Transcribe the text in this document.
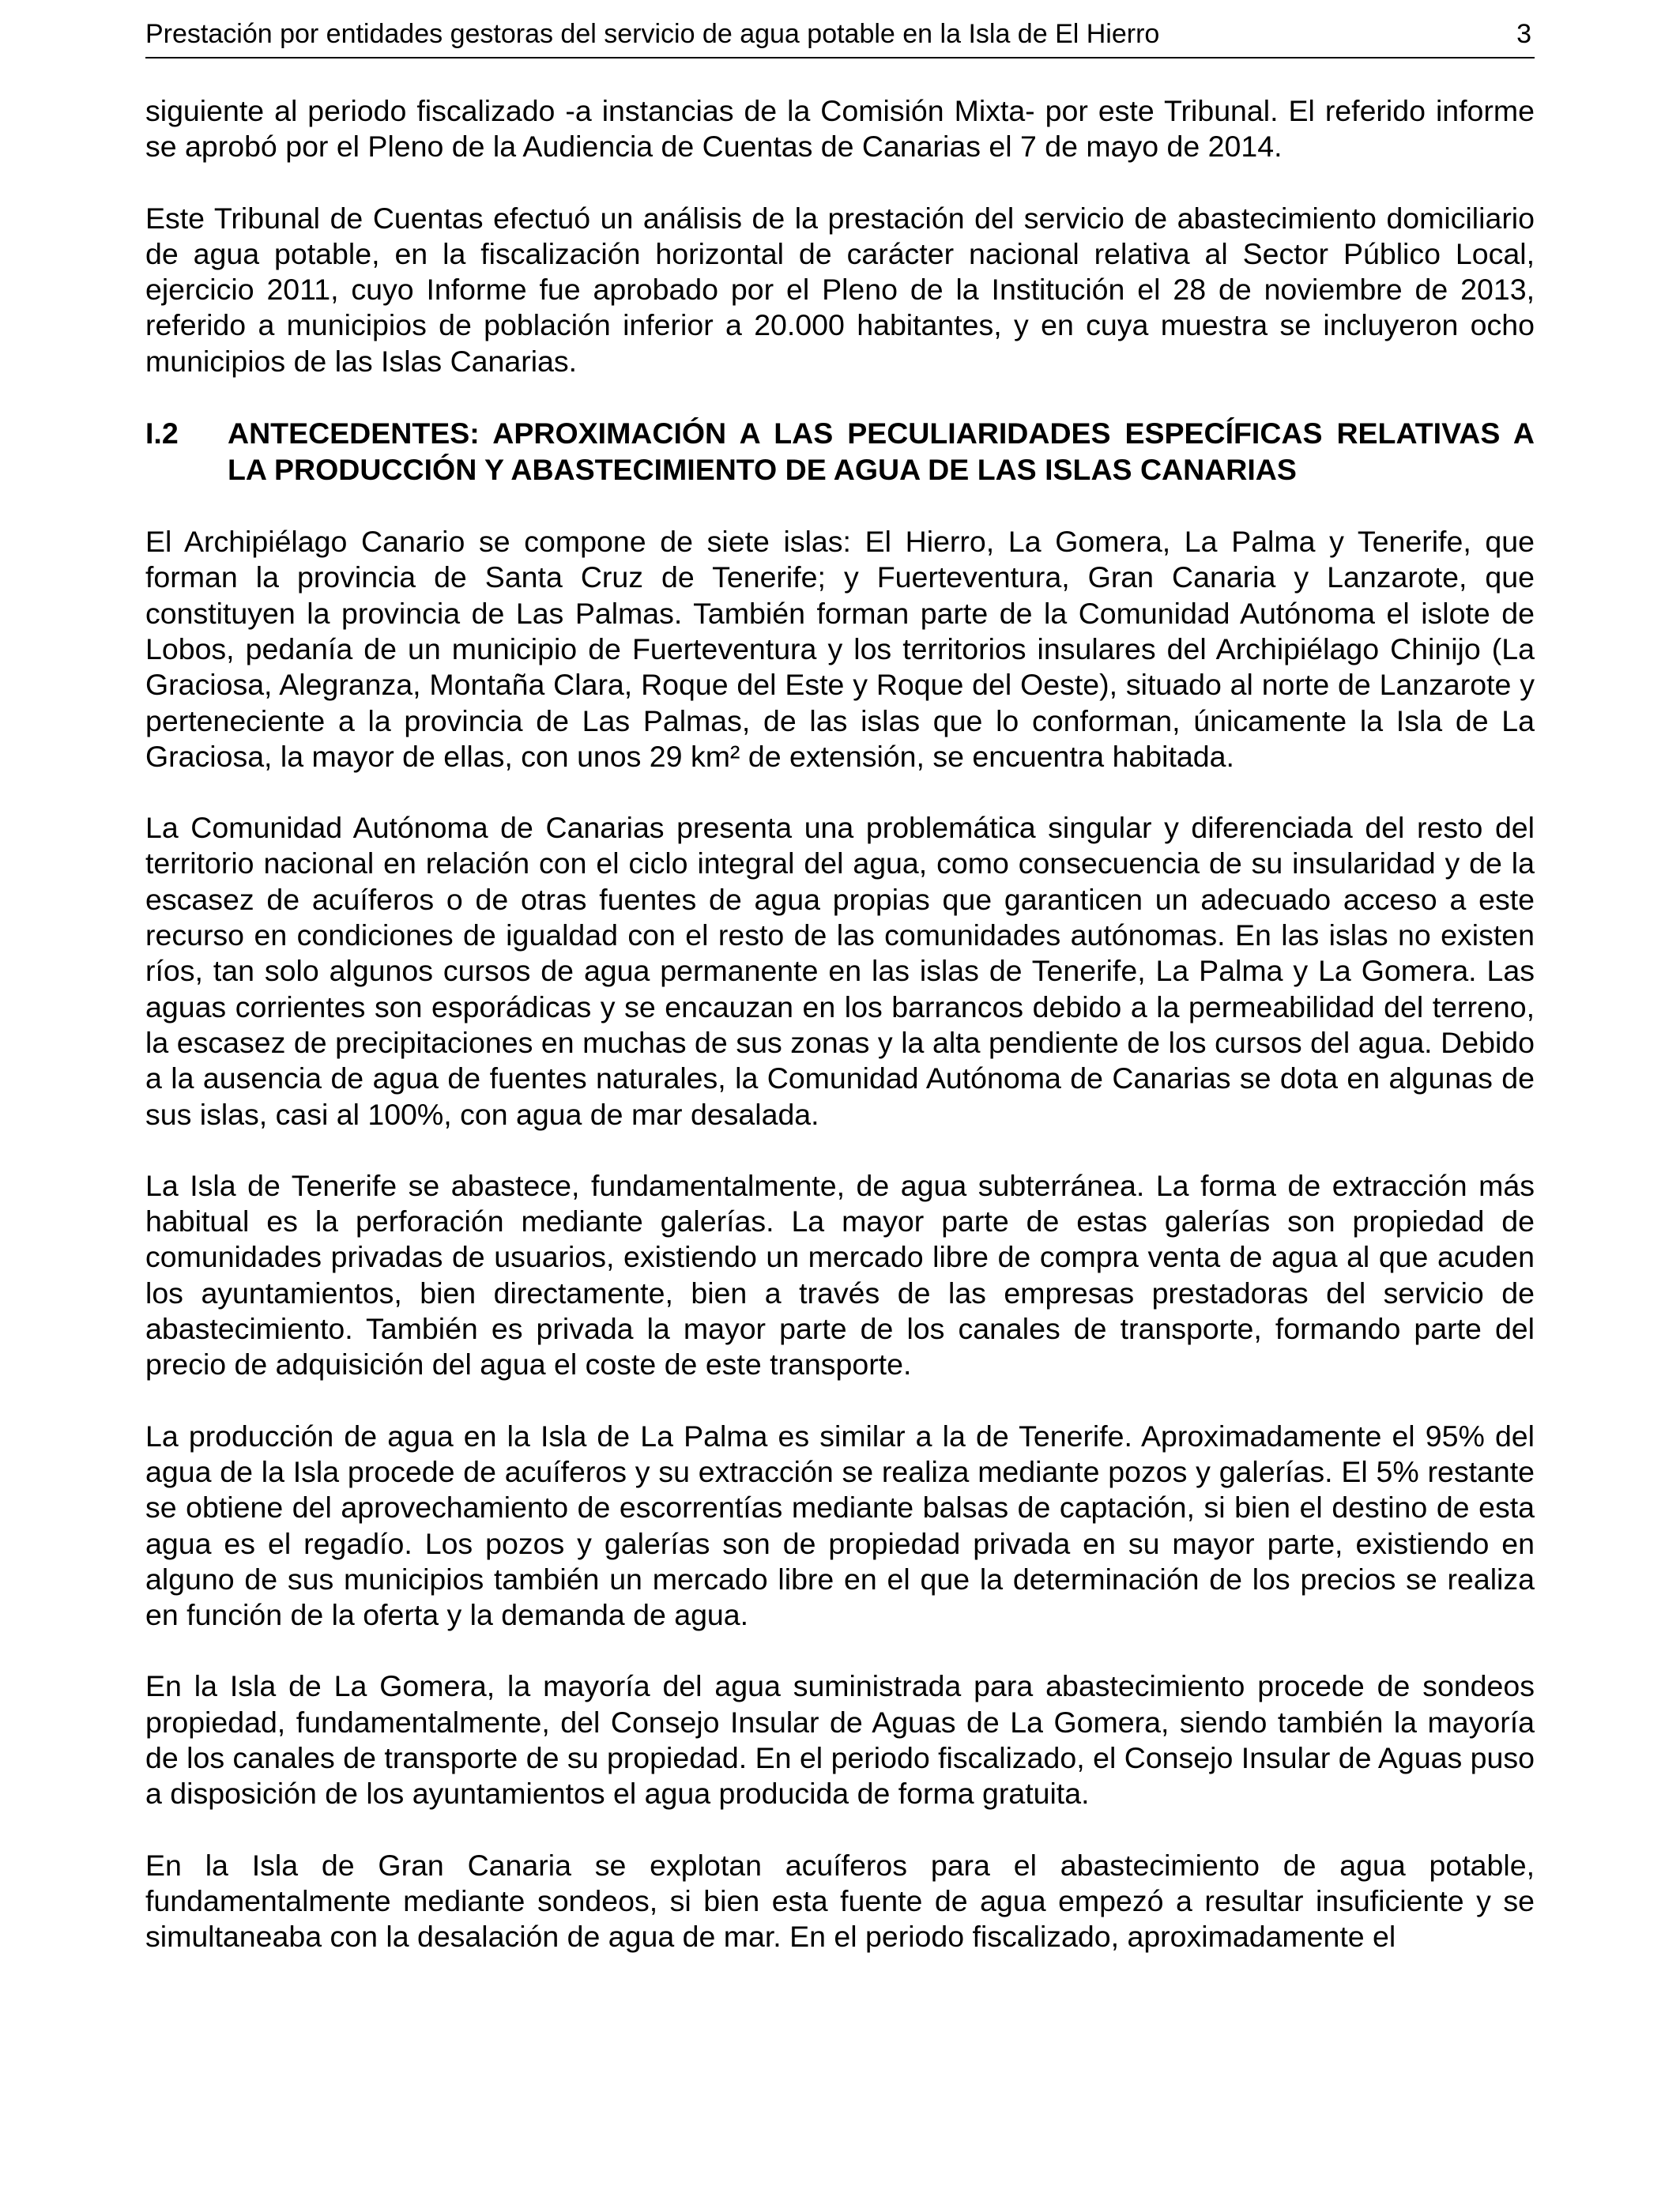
Prestación por entidades gestoras del servicio de agua potable en la Isla de El Hierro	3

siguiente al periodo fiscalizado -a instancias de la Comisión Mixta- por este Tribunal. El referido informe se aprobó por el Pleno de la Audiencia de Cuentas de Canarias el 7 de mayo de 2014.

Este Tribunal de Cuentas efectuó un análisis de la prestación del servicio de abastecimiento domiciliario de agua potable, en la fiscalización horizontal de carácter nacional relativa al Sector Público Local, ejercicio 2011, cuyo Informe fue aprobado por el Pleno de la Institución el 28 de noviembre de 2013, referido a municipios de población inferior a 20.000 habitantes, y en cuya muestra se incluyeron ocho municipios de las Islas Canarias.

I.2	ANTECEDENTES: APROXIMACIÓN A LAS PECULIARIDADES ESPECÍFICAS RELATIVAS A LA PRODUCCIÓN Y ABASTECIMIENTO DE AGUA DE LAS ISLAS CANARIAS

El Archipiélago Canario se compone de siete islas: El Hierro, La Gomera, La Palma y Tenerife, que forman la provincia de Santa Cruz de Tenerife; y Fuerteventura, Gran Canaria y Lanzarote, que constituyen la provincia de Las Palmas. También forman parte de la Comunidad Autónoma el islote de Lobos, pedanía de un municipio de Fuerteventura y los territorios insulares del Archipiélago Chinijo (La Graciosa, Alegranza, Montaña Clara, Roque del Este y Roque del Oeste), situado al norte de Lanzarote y perteneciente a la provincia de Las Palmas, de las islas que lo conforman, únicamente la Isla de La Graciosa, la mayor de ellas, con unos 29 km² de extensión, se encuentra habitada.

La Comunidad Autónoma de Canarias presenta una problemática singular y diferenciada del resto del territorio nacional en relación con el ciclo integral del agua, como consecuencia de su insularidad y de la escasez de acuíferos o de otras fuentes de agua propias que garanticen un adecuado acceso a este recurso en condiciones de igualdad con el resto de las comunidades autónomas. En las islas no existen ríos, tan solo algunos cursos de agua permanente en las islas de Tenerife, La Palma y La Gomera. Las aguas corrientes son esporádicas y se encauzan en los barrancos debido a la permeabilidad del terreno, la escasez de precipitaciones en muchas de sus zonas y la alta pendiente de los cursos del agua. Debido a la ausencia de agua de fuentes naturales, la Comunidad Autónoma de Canarias se dota en algunas de sus islas, casi al 100%, con agua de mar desalada.

La Isla de Tenerife se abastece, fundamentalmente, de agua subterránea. La forma de extracción más habitual es la perforación mediante galerías. La mayor parte de estas galerías son propiedad de comunidades privadas de usuarios, existiendo un mercado libre de compra venta de agua al que acuden los ayuntamientos, bien directamente, bien a través de las empresas prestadoras del servicio de abastecimiento. También es privada la mayor parte de los canales de transporte, formando parte del precio de adquisición del agua el coste de este transporte.

La producción de agua en la Isla de La Palma es similar a la de Tenerife. Aproximadamente el 95% del agua de la Isla procede de acuíferos y su extracción se realiza mediante pozos y galerías. El 5% restante se obtiene del aprovechamiento de escorrentías mediante balsas de captación, si bien el destino de esta agua es el regadío. Los pozos y galerías son de propiedad privada en su mayor parte, existiendo en alguno de sus municipios también un mercado libre en el que la determinación de los precios se realiza en función de la oferta y la demanda de agua.

En la Isla de La Gomera, la mayoría del agua suministrada para abastecimiento procede de sondeos propiedad, fundamentalmente, del Consejo Insular de Aguas de La Gomera, siendo también la mayoría de los canales de transporte de su propiedad. En el periodo fiscalizado, el Consejo Insular de Aguas puso a disposición de los ayuntamientos el agua producida de forma gratuita.

En la Isla de Gran Canaria se explotan acuíferos para el abastecimiento de agua potable, fundamentalmente mediante sondeos, si bien esta fuente de agua empezó a resultar insuficiente y se simultaneaba con la desalación de agua de mar. En el periodo fiscalizado, aproximadamente el
